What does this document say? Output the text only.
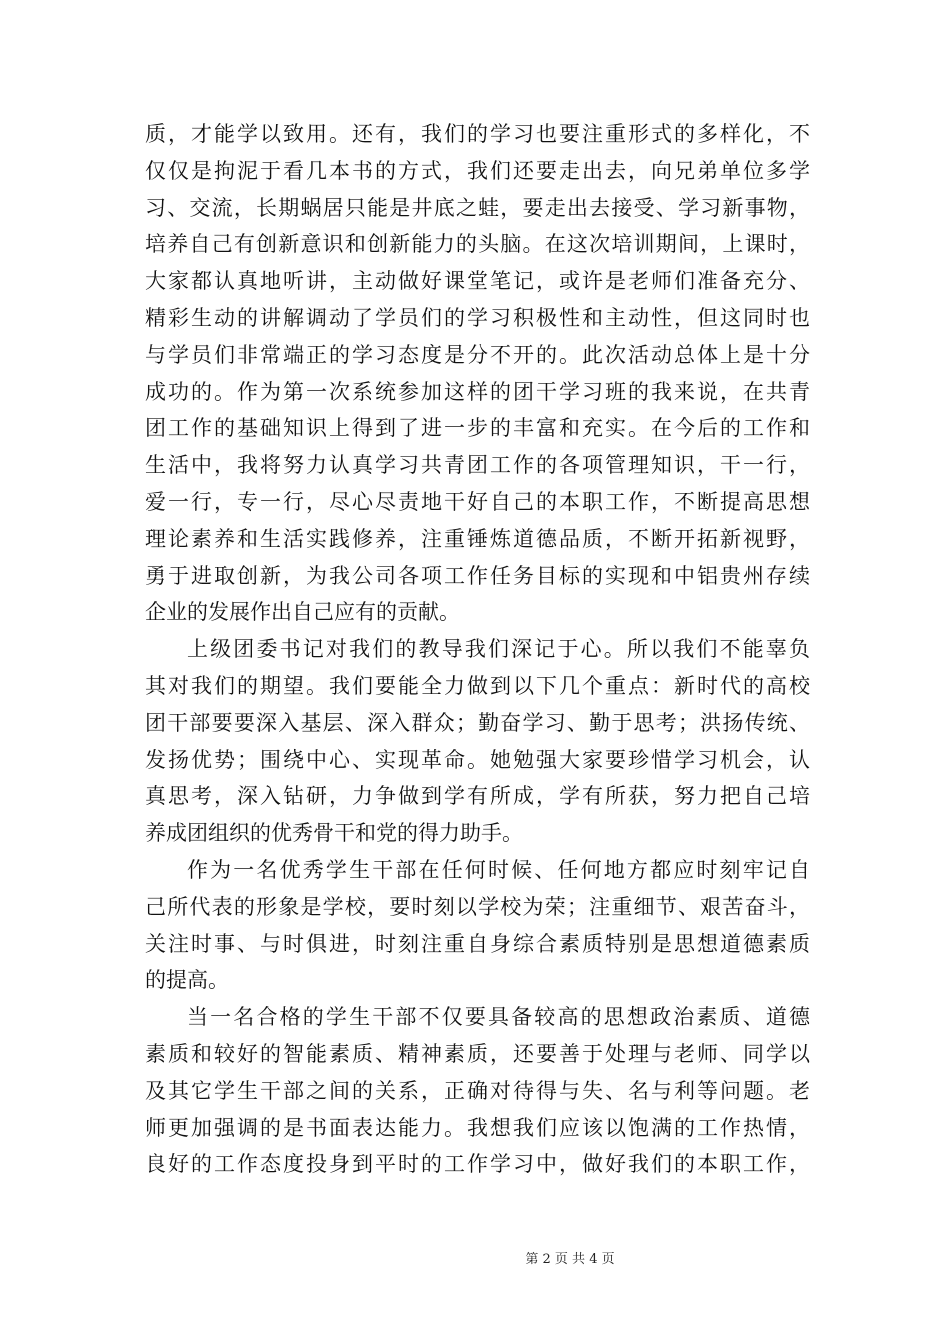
质，才能学以致用。还有，我们的学习也要注重形式的多样化，不
仅仅是拘泥于看几本书的方式，我们还要走出去，向兄弟单位多学
习、交流，长期蜗居只能是井底之蛙，要走出去接受、学习新事物，
培养自己有创新意识和创新能力的头脑。在这次培训期间，上课时，
大家都认真地听讲，主动做好课堂笔记，或许是老师们准备充分、
精彩生动的讲解调动了学员们的学习积极性和主动性，但这同时也
与学员们非常端正的学习态度是分不开的。此次活动总体上是十分
成功的。作为第一次系统参加这样的团干学习班的我来说，在共青
团工作的基础知识上得到了进一步的丰富和充实。在今后的工作和
生活中，我将努力认真学习共青团工作的各项管理知识，干一行，
爱一行，专一行，尽心尽责地干好自己的本职工作，不断提高思想
理论素养和生活实践修养，注重锤炼道德品质，不断开拓新视野，
勇于进取创新，为我公司各项工作任务目标的实现和中铝贵州存续
企业的发展作出自己应有的贡献。
上级团委书记对我们的教导我们深记于心。所以我们不能辜负
其对我们的期望。我们要能全力做到以下几个重点：新时代的高校
团干部要要深入基层、深入群众；勤奋学习、勤于思考；洪扬传统、
发扬优势；围绕中心、实现革命。她勉强大家要珍惜学习机会，认
真思考，深入钻研，力争做到学有所成，学有所获，努力把自己培
养成团组织的优秀骨干和党的得力助手。
作为一名优秀学生干部在任何时候、任何地方都应时刻牢记自
己所代表的形象是学校，要时刻以学校为荣；注重细节、艰苦奋斗，
关注时事、与时俱进，时刻注重自身综合素质特别是思想道德素质
的提高。
当一名合格的学生干部不仅要具备较高的思想政治素质、道德
素质和较好的智能素质、精神素质，还要善于处理与老师、同学以
及其它学生干部之间的关系，正确对待得与失、名与利等问题。老
师更加强调的是书面表达能力。我想我们应该以饱满的工作热情，
良好的工作态度投身到平时的工作学习中，做好我们的本职工作，
第 2 页 共 4 页
